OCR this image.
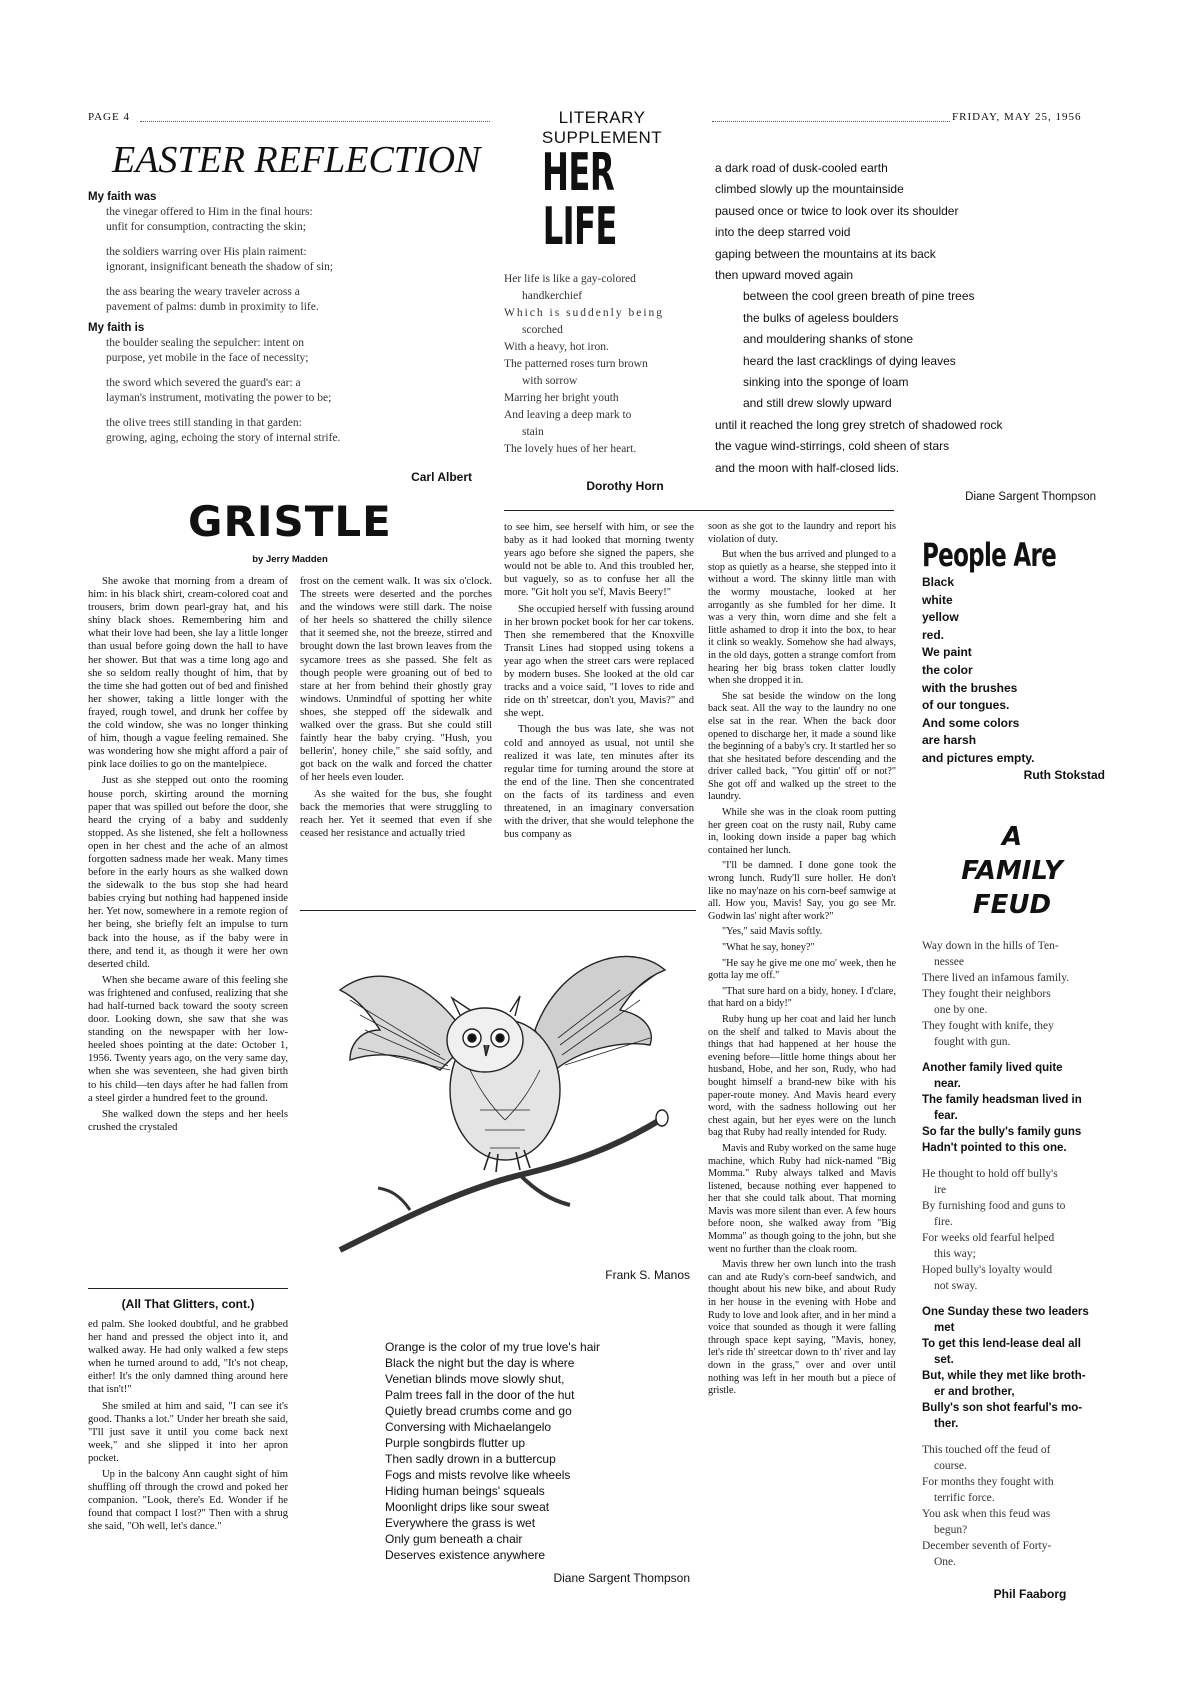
PAGE 4	LITERARY SUPPLEMENT
FRIDAY, MAY 25, 1956
EASTER REFLECTION
My faith was
the vinegar offered to Him in the final hours:
unfit for consumption, contracting the skin;
the soldiers warring over His plain raiment:
ignorant, insignificant beneath the shadow of sin;
the ass bearing the weary traveler across a
pavement of palms: dumb in proximity to life.
My faith is
the boulder sealing the sepulcher: intent on
purpose, yet mobile in the face of necessity;
the sword which severed the guard's ear: a
layman's instrument, motivating the power to be;
the olive trees still standing in that garden:
growing, aging, echoing the story of internal strife.
Carl Albert
HER
LIFE
Her life is like a gay-colored
handkerchief
Which is suddenly being
scorched
With a heavy, hot iron.
The patterned roses turn brown
with sorrow
Marring her bright youth
And leaving a deep mark to
stain
The lovely hues of her heart.
Dorothy Horn
a dark road of dusk-cooled earth
climbed slowly up the mountainside
paused once or twice to look over its shoulder
into the deep starred void
gaping between the mountains at its back
then upward moved again
between the cool green breath of pine trees
the bulks of ageless boulders
and mouldering shanks of stone
heard the last cracklings of dying leaves
sinking into the sponge of loam
and still drew slowly upward
until it reached the long grey stretch of shadowed rock
the vague wind-stirrings, cold sheen of stars
and the moon with half-closed lids.
Diane Sargent Thompson
GRISTLE
by Jerry Madden

She awoke that morning from a dream of him: in his black shirt, cream-colored coat and trousers, brim down pearl-gray hat, and his shiny black shoes. Remembering him and what their love had been, she lay a little longer than usual before going down the hall to have her shower. But that was a time long ago and she so seldom really thought of him, that by the time she had gotten out of bed and finished her shower, taking a little longer with the frayed, rough towel, and drunk her coffee by the cold window, she was no longer thinking of him, though a vague feeling remained. She was wondering how she might afford a pair of pink lace doilies to go on the mantelpiece.

Just as she stepped out onto the rooming house porch, skirting around the morning paper that was spilled out before the door, she heard the crying of a baby and suddenly stopped. As she listened, she felt a hollowness open in her chest and the ache of an almost forgotten sadness made her weak. Many times before in the early hours as she walked down the sidewalk to the bus stop she had heard babies crying but nothing had happened inside her. Yet now, somewhere in a remote region of her being, she briefly felt an impulse to turn back into the house, as if the baby were in there, and tend it, as though it were her own deserted child.

When she became aware of this feeling she was frightened and confused, realizing that she had half-turned back toward the sooty screen door. Looking down, she saw that she was standing on the newspaper with her low-heeled shoes pointing at the date: October 1, 1956. Twenty years ago, on the very same day, when she was seventeen, she had given birth to his child—ten days after he had fallen from a steel girder a hundred feet to the ground.

She walked down the steps and her heels crushed the crystaled

frost on the cement walk. It was six o'clock. The streets were deserted and the porches and the windows were still dark. The noise of her heels so shattered the chilly silence that it seemed she, not the breeze, stirred and brought down the last brown leaves from the sycamore trees as she passed. She felt as though people were groaning out of bed to stare at her from behind their ghostly gray windows. Unmindful of spotting her white shoes, she stepped off the sidewalk and walked over the grass. But she could still faintly hear the baby crying. "Hush, you bellerin', honey chile," she said softly, and got back on the walk and forced the chatter of her heels even louder.

As she waited for the bus, she fought back the memories that were struggling to reach her. Yet it seemed that even if she ceased her resistance and actually tried

to see him, see herself with him, or see the baby as it had looked that morning twenty years ago before she signed the papers, she would not be able to. And this troubled her, but vaguely, so as to confuse her all the more. "Git holt you se'f, Mavis Beery!"

She occupied herself with fussing around in her brown pocket book for her car tokens. Then she remembered that the Knoxville Transit Lines had stopped using tokens a year ago when the street cars were replaced by modern buses. She looked at the old car tracks and a voice said, "I loves to ride and ride on th' streetcar, don't you, Mavis?" and she wept.

Though the bus was late, she was not cold and annoyed as usual, not until she realized it was late, ten minutes after its regular time for turning around the store at the end of the line. Then she concentrated on the facts of its tardiness and even threatened, in an imaginary conversation with the driver, that she would telephone the bus company as

soon as she got to the laundry and report his violation of duty.

But when the bus arrived and plunged to a stop as quietly as a hearse, she stepped into it without a word. The skinny little man with the wormy moustache, looked at her arrogantly as she fumbled for her dime. It was a very thin, worn dime and she felt a little ashamed to drop it into the box, to hear it clink so weakly. Somehow she had always, in the old days, gotten a strange comfort from hearing her big brass token clatter loudly when she dropped it in.

She sat beside the window on the long back seat. All the way to the laundry no one else sat in the rear. When the back door opened to discharge her, it made a sound like the beginning of a baby's cry. It startled her so that she hesitated before descending and the driver called back, "You gittin' off or not?" She got off and walked up the street to the laundry.

While she was in the cloak room putting her green coat on the rusty nail, Ruby came in, looking down inside a paper bag which contained her lunch.

"I'll be damned. I done gone took the wrong lunch. Rudy'll sure holler. He don't like no may'naze on his corn-beef samwige at all. How you, Mavis! Say, you go see Mr. Godwin las' night after work?"

"Yes," said Mavis softly.

"What he say, honey?"

"He say he give me one mo' week, then he gotta lay me off."

"That sure hard on a bidy, honey. I d'clare, that hard on a bidy!"

Ruby hung up her coat and laid her lunch on the shelf and talked to Mavis about the things that had happened at her house the evening before—little home things about her husband, Hobe, and her son, Rudy, who had bought himself a brand-new bike with his paper-route money. And Mavis heard every word, with the sadness hollowing out her chest again, but her eyes were on the lunch bag that Ruby had really intended for Rudy.

Mavis and Ruby worked on the same huge machine, which Ruby had nick-named "Big Momma." Ruby always talked and Mavis listened, because nothing ever happened to her that she could talk about. That morning Mavis was more silent than ever. A few hours before noon, she walked away from "Big Momma" as though going to the john, but she went no further than the cloak room.

Mavis threw her own lunch into the trash can and ate Rudy's corn-beef sandwich, and thought about his new bike, and about Rudy in her house in the evening with Hobe and Rudy to love and look after, and in her mind a voice that sounded as though it were falling through space kept saying, "Mavis, honey, let's ride th' streetcar down to th' river and lay down in the grass," over and over until nothing was left in her mouth but a piece of gristle.

Frank S. Manos
(All That Glitters, cont.)

ed palm. She looked doubtful, and he grabbed her hand and pressed the object into it, and walked away. He had only walked a few steps when he turned around to add, "It's not cheap, either! It's the only damned thing around here that isn't!"

She smiled at him and said, "I can see it's good. Thanks a lot." Under her breath she said, "I'll just save it until you come back next week," and she slipped it into her apron pocket.

Up in the balcony Ann caught sight of him shuffling off through the crowd and poked her companion. "Look, there's Ed. Wonder if he found that compact I lost?" Then with a shrug she said, "Oh well, let's dance."

Orange is the color of my true love's hair
Black the night but the day is where
Venetian blinds move slowly shut,
Palm trees fall in the door of the hut
Quietly bread crumbs come and go
Conversing with Michaelangelo
Purple songbirds flutter up
Then sadly drown in a buttercup
Fogs and mists revolve like wheels
Hiding human beings' squeals
Moonlight drips like sour sweat
Everywhere the grass is wet
Only gum beneath a chair
Deserves existence anywhere
Diane Sargent Thompson
People Are
Black
white
yellow
red.
We paint
the color
with the brushes
of our tongues.
And some colors
are harsh
and pictures empty.
Ruth Stokstad
A
FAMILY
FEUD
Way down in the hills of Ten-
nessee
There lived an infamous family.
They fought their neighbors
one by one.
They fought with knife, they
fought with gun.
Another family lived quite
near.
The family headsman lived in
fear.
So far the bully's family guns
Hadn't pointed to this one.
He thought to hold off bully's
ire
By furnishing food and guns to
fire.
For weeks old fearful helped
this way;
Hoped bully's loyalty would
not sway.
One Sunday these two leaders
met
To get this lend-lease deal all
set.
But, while they met like broth-
er and brother,
Bully's son shot fearful's mo-
ther.
This touched off the feud of
course.
For months they fought with
terrific force.
You ask when this feud was
begun?
December seventh of Forty-
One.
Phil Faaborg
